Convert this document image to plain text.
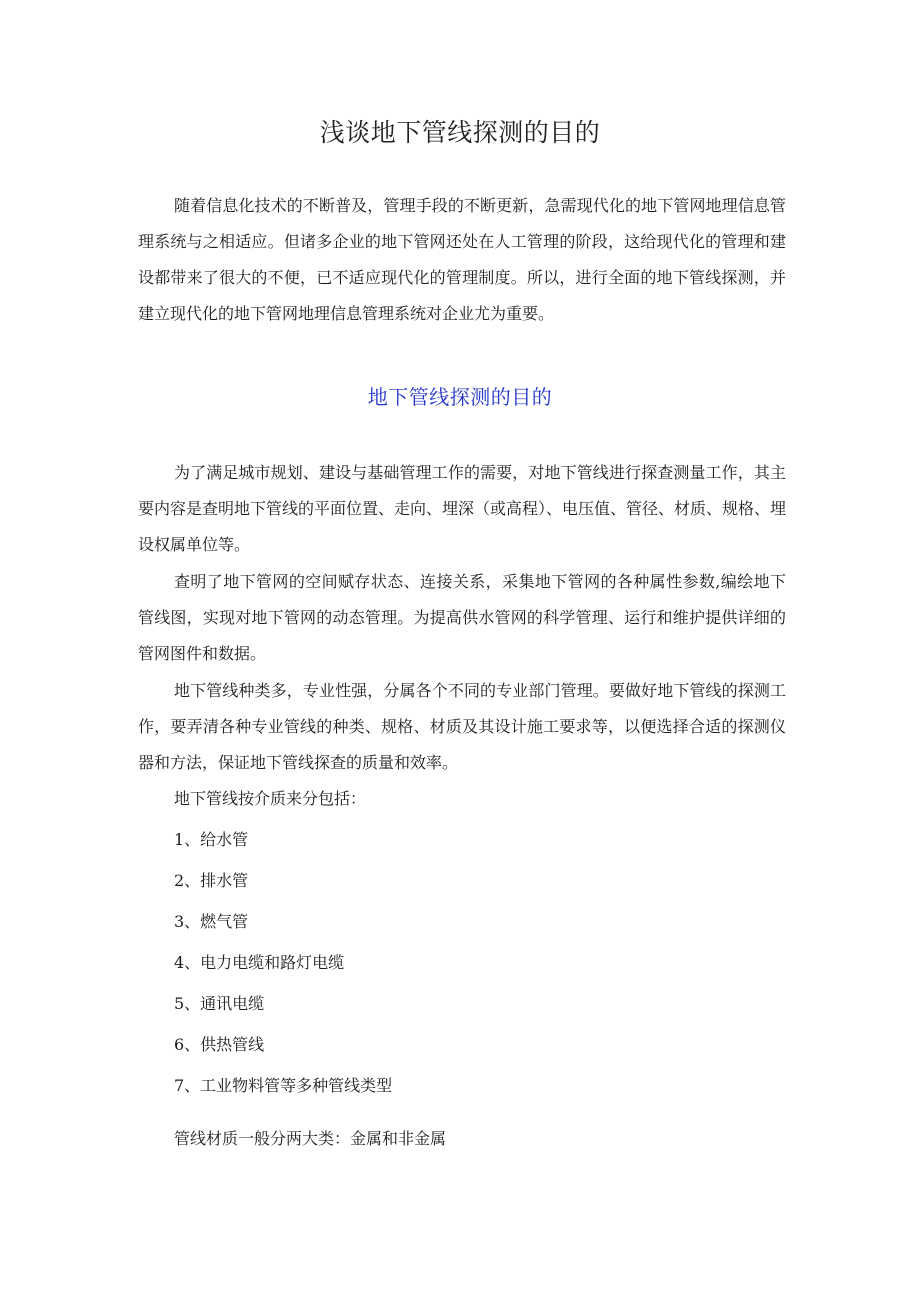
浅谈地下管线探测的目的

随着信息化技术的不断普及，管理手段的不断更新，急需现代化的地下管网地理信息管理系统与之相适应。但诸多企业的地下管网还处在人工管理的阶段，这给现代化的管理和建设都带来了很大的不便，已不适应现代化的管理制度。所以，进行全面的地下管线探测，并建立现代化的地下管网地理信息管理系统对企业尤为重要。

地下管线探测的目的

为了满足城市规划、建设与基础管理工作的需要，对地下管线进行探查测量工作，其主要内容是查明地下管线的平面位置、走向、埋深（或高程）、电压值、管径、材质、规格、埋设权属单位等。

查明了地下管网的空间赋存状态、连接关系，采集地下管网的各种属性参数,编绘地下管线图，实现对地下管网的动态管理。为提高供水管网的科学管理、运行和维护提供详细的管网图件和数据。

地下管线种类多，专业性强，分属各个不同的专业部门管理。要做好地下管线的探测工作，要弄清各种专业管线的种类、规格、材质及其设计施工要求等，以便选择合适的探测仪器和方法，保证地下管线探查的质量和效率。

地下管线按介质来分包括：

1、给水管
2、排水管
3、燃气管
4、电力电缆和路灯电缆
5、通讯电缆
6、供热管线
7、工业物料管等多种管线类型

管线材质一般分两大类：金属和非金属
